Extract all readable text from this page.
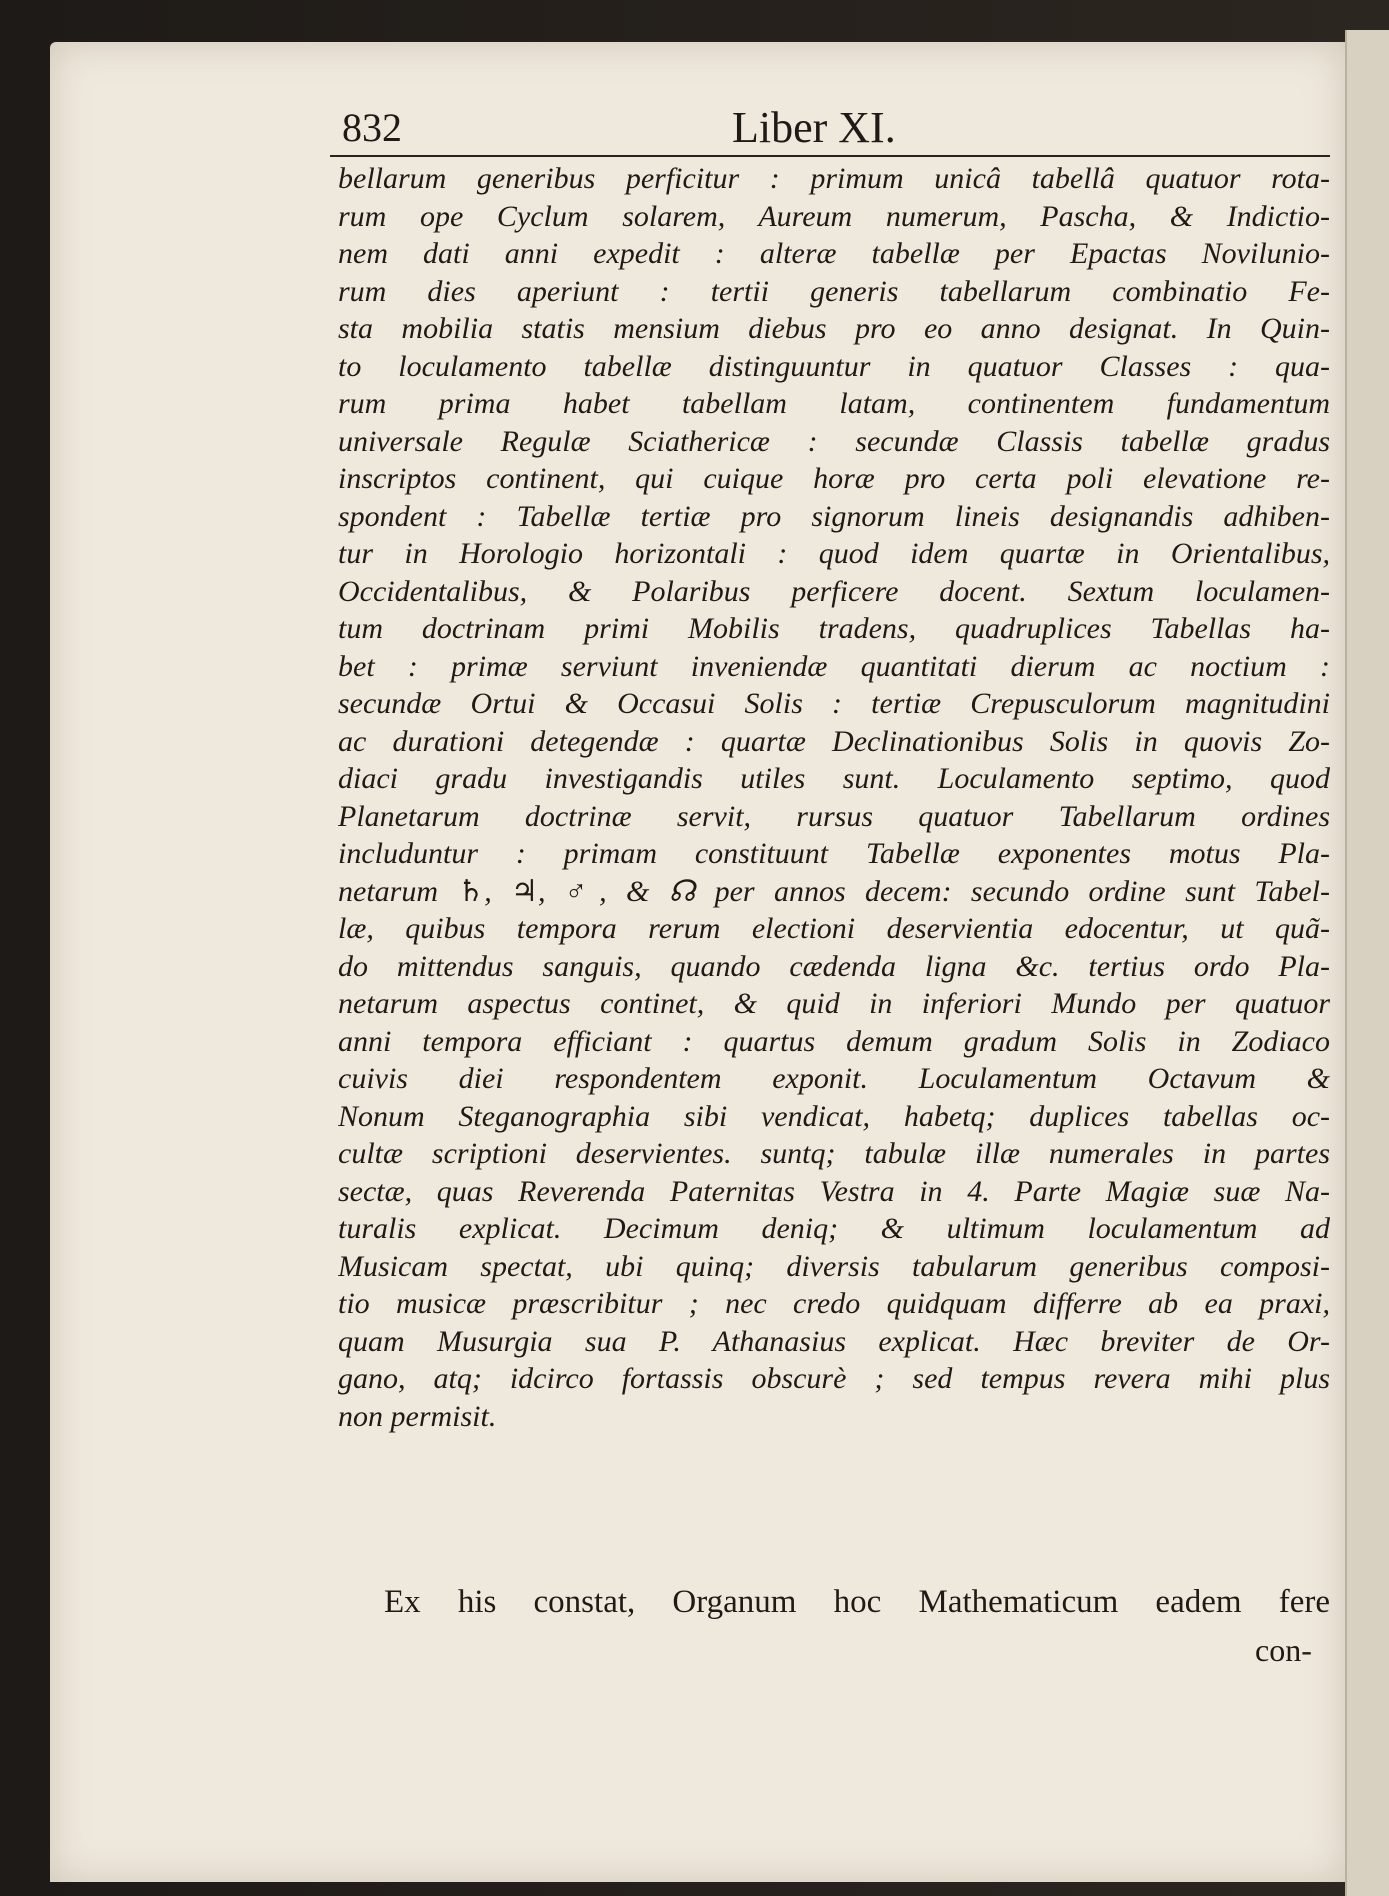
832	Liber XI.
bellarum generibus perficitur : primum unicâ tabellâ quatuor rota-
rum ope Cyclum solarem, Aureum numerum, Pascha, & Indictio-
nem dati anni expedit : alteræ tabellæ per Epactas Novilunio-
rum dies aperiunt : tertii generis tabellarum combinatio Fe-
sta mobilia statis mensium diebus pro eo anno designat. In Quin-
to loculamento tabellæ distinguuntur in quatuor Classes : qua-
rum prima habet tabellam latam, continentem fundamentum
universale Regulæ Sciathericæ : secundæ Classis tabellæ gradus
inscriptos continent, qui cuique horæ pro certa poli elevatione re-
spondent : Tabellæ tertiæ pro signorum lineis designandis adhiben-
tur in Horologio horizontali : quod idem quartæ in Orientalibus,
Occidentalibus, & Polaribus perficere docent. Sextum loculamen-
tum doctrinam primi Mobilis tradens, quadruplices Tabellas ha-
bet : primæ serviunt inveniendæ quantitati dierum ac noctium :
secundæ Ortui & Occasui Solis : tertiæ Crepusculorum magnitudini
ac durationi detegendæ : quartæ Declinationibus Solis in quovis Zo-
diaci gradu investigandis utiles sunt. Loculamento septimo, quod
Planetarum doctrinæ servit, rursus quatuor Tabellarum ordines
includuntur : primam constituunt Tabellæ exponentes motus Pla-
netarum ♄, ♃, ♂, & ☊ per annos decem: secundo ordine sunt Tabel-
læ, quibus tempora rerum electioni deservientia edocentur, ut quã-
do mittendus sanguis, quando cædenda ligna &c. tertius ordo Pla-
netarum aspectus continet, & quid in inferiori Mundo per quatuor
anni tempora efficiant : quartus demum gradum Solis in Zodiaco
cuivis diei respondentem exponit. Loculamentum Octavum &
Nonum Steganographia sibi vendicat, habetq; duplices tabellas oc-
cultæ scriptioni deservientes. suntq; tabulæ illæ numerales in partes
sectæ, quas Reverenda Paternitas Vestra in 4. Parte Magiæ suæ Na-
turalis explicat. Decimum deniq; & ultimum loculamentum ad
Musicam spectat, ubi quinq; diversis tabularum generibus composi-
tio musicæ præscribitur ; nec credo quidquam differre ab ea praxi,
quam Musurgia sua P. Athanasius explicat. Hæc breviter de Or-
gano, atq; idcirco fortassis obscurè ; sed tempus revera mihi plus
non permisit.
Ex his constat, Organum hoc Mathematicum eadem fere
con-
